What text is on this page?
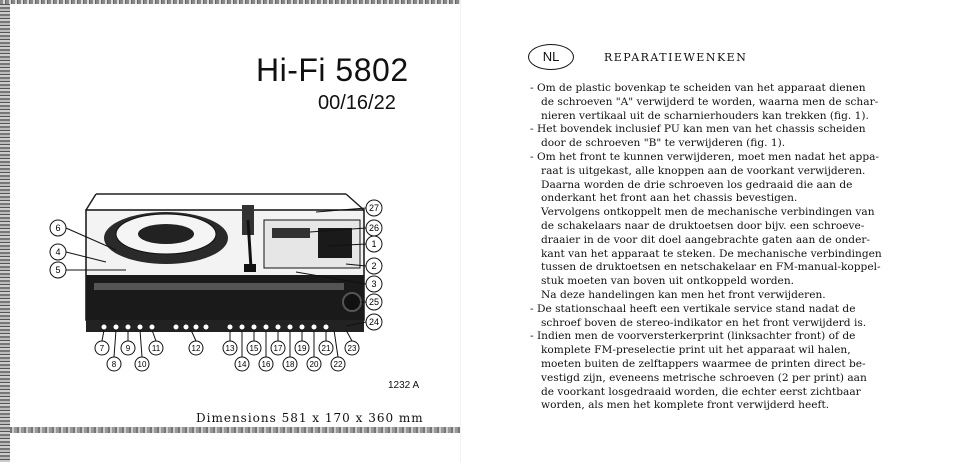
Hi-Fi 5802
00/16/22
6
4
5
27
26
1
2
3
25
24
7
8
9
10
11	12	13
14
15
16
17
18
19
20
21
22
23
1232 A
Dimensions 581 x 170 x 360 mm
NL	REPARATIEWENKEN
- Om de plastic bovenkap te scheiden van het apparaat dienen
de schroeven "A" verwijderd te worden, waarna men de schar-
nieren vertikaal uit de scharnierhouders kan trekken (fig. 1).
- Het bovendek inclusief PU kan men van het chassis scheiden
door de schroeven "B" te verwijderen (fig. 1).
- Om het front te kunnen verwijderen, moet men nadat het appa-
raat is uitgekast, alle knoppen aan de voorkant verwijderen.
Daarna worden de drie schroeven los gedraaid die aan de
onderkant het front aan het chassis bevestigen.
Vervolgens ontkoppelt men de mechanische verbindingen van
de schakelaars naar de druktoetsen door bijv. een schroeve-
draaier in de voor dit doel aangebrachte gaten aan de onder-
kant van het apparaat te steken. De mechanische verbindingen
tussen de druktoetsen en netschakelaar en FM-manual-koppel-
stuk moeten van boven uit ontkoppeld worden.
Na deze handelingen kan men het front verwijderen.
- De stationschaal heeft een vertikale service stand nadat de
schroef boven de stereo-indikator en het front verwijderd is.
- Indien men de voorversterkerprint (linksachter front) of de
komplete FM-preselectie print uit het apparaat wil halen,
moeten buiten de zelftappers waarmee de printen direct be-
vestigd zijn, eveneens metrische schroeven (2 per print) aan
de voorkant losgedraaid worden, die echter eerst zichtbaar
worden, als men het komplete front verwijderd heeft.
